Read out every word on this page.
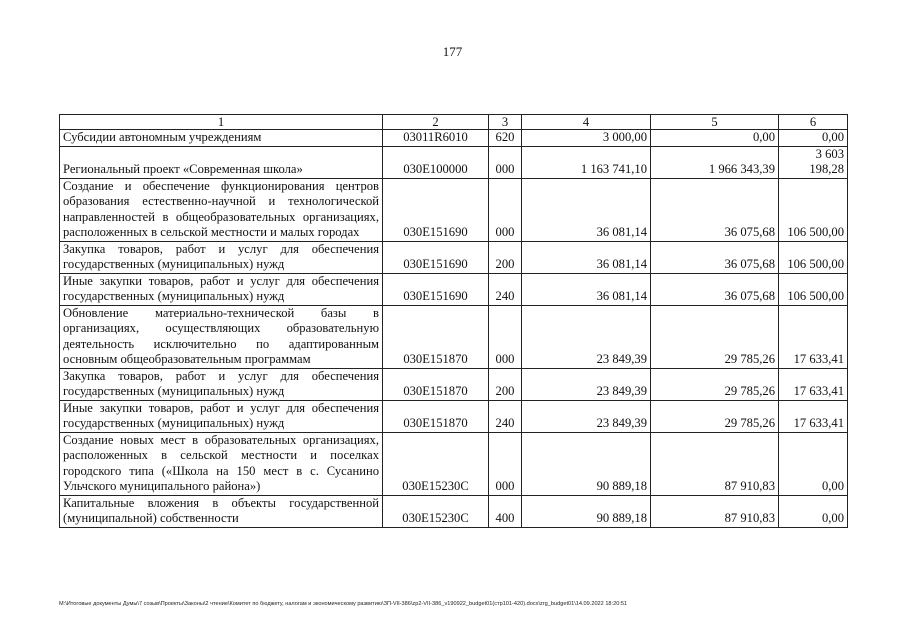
177
1	2	3	4	5	6

Субсидии автономным учреждениям	03011R6010	620	3 000,00	0,00	0,00

Региональный проект «Современная школа»	030E100000	000	1 163 741,10	1 966 343,39	3 603 198,28

Создание и обеспечение функционирования центров образования естественно-научной и технологической направленностей в общеобразовательных организациях, расположенных в сельской местности и малых городах	030E151690	000	36 081,14	36 075,68	106 500,00

Закупка товаров, работ и услуг для обеспечения государственных (муниципальных) нужд	030E151690	200	36 081,14	36 075,68	106 500,00

Иные закупки товаров, работ и услуг для обеспечения государственных (муниципальных) нужд	030E151690	240	36 081,14	36 075,68	106 500,00

Обновление материально-технической базы в организациях, осуществляющих образовательную деятельность исключительно по адаптированным основным общеобразовательным программам	030E151870	000	23 849,39	29 785,26	17 633,41

Закупка товаров, работ и услуг для обеспечения государственных (муниципальных) нужд	030E151870	200	23 849,39	29 785,26	17 633,41

Иные закупки товаров, работ и услуг для обеспечения государственных (муниципальных) нужд	030E151870	240	23 849,39	29 785,26	17 633,41

Создание новых мест в образовательных организациях, расположенных в сельской местности и поселках городского типа («Школа на 150 мест в с. Сусанино Ульчского муниципального района»)	030E15230C	000	90 889,18	87 910,83	0,00

Капитальные вложения в объекты государственной (муниципальной) собственности	030E15230C	400	90 889,18	87 910,83	0,00
M:\Итоговые документы Думы\7 созыв\Проекты\Законы\2 чтение\Комитет по бюджету, налогам и экономическому развитию\ЗП-VII-386\zp2-VII-386_v190922_budget01(стр101-420).docx\zrg_budget01\14.09.2022 18:20:51
